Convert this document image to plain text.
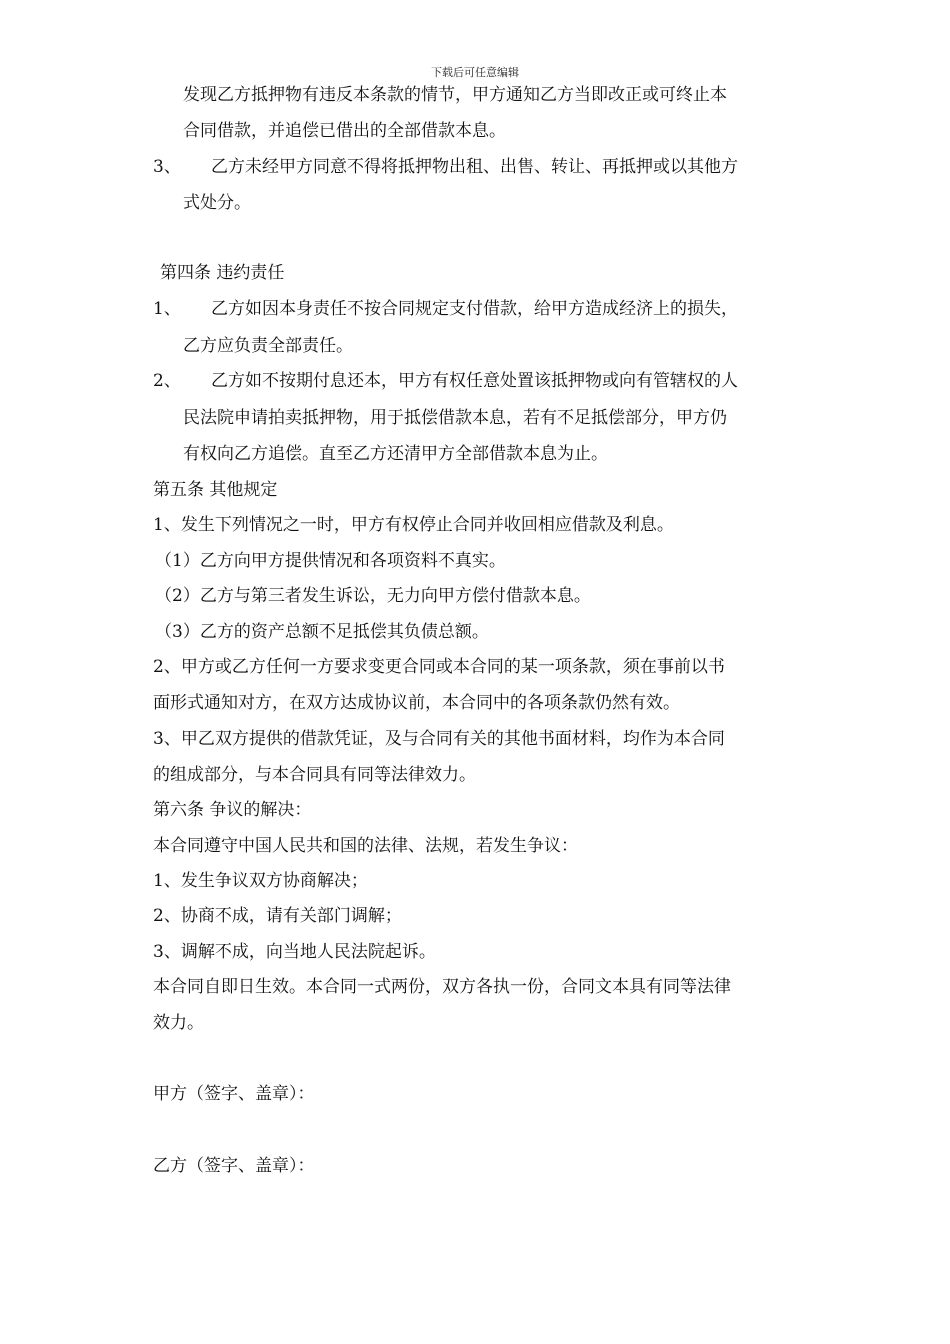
下载后可任意编辑
发现乙方抵押物有违反本条款的情节，甲方通知乙方当即改正或可终止本
合同借款，并追偿已借出的全部借款本息。
3、 乙方未经甲方同意不得将抵押物出租、出售、转让、再抵押或以其他方
式处分。
第四条 违约责任
1、 乙方如因本身责任不按合同规定支付借款，给甲方造成经济上的损失，
乙方应负责全部责任。
2、 乙方如不按期付息还本，甲方有权任意处置该抵押物或向有管辖权的人
民法院申请拍卖抵押物，用于抵偿借款本息，若有不足抵偿部分，甲方仍
有权向乙方追偿。直至乙方还清甲方全部借款本息为止。
第五条 其他规定
1、发生下列情况之一时，甲方有权停止合同并收回相应借款及利息。
（1）乙方向甲方提供情况和各项资料不真实。
（2）乙方与第三者发生诉讼，无力向甲方偿付借款本息。
（3）乙方的资产总额不足抵偿其负债总额。
2、甲方或乙方任何一方要求变更合同或本合同的某一项条款，须在事前以书
面形式通知对方，在双方达成协议前，本合同中的各项条款仍然有效。
3、甲乙双方提供的借款凭证，及与合同有关的其他书面材料，均作为本合同
的组成部分，与本合同具有同等法律效力。
第六条 争议的解决：
本合同遵守中国人民共和国的法律、法规，若发生争议：
1、发生争议双方协商解决；
2、协商不成，请有关部门调解；
3、调解不成，向当地人民法院起诉。
本合同自即日生效。本合同一式两份，双方各执一份，合同文本具有同等法律
效力。
甲方（签字、盖章）：
乙方（签字、盖章）：
